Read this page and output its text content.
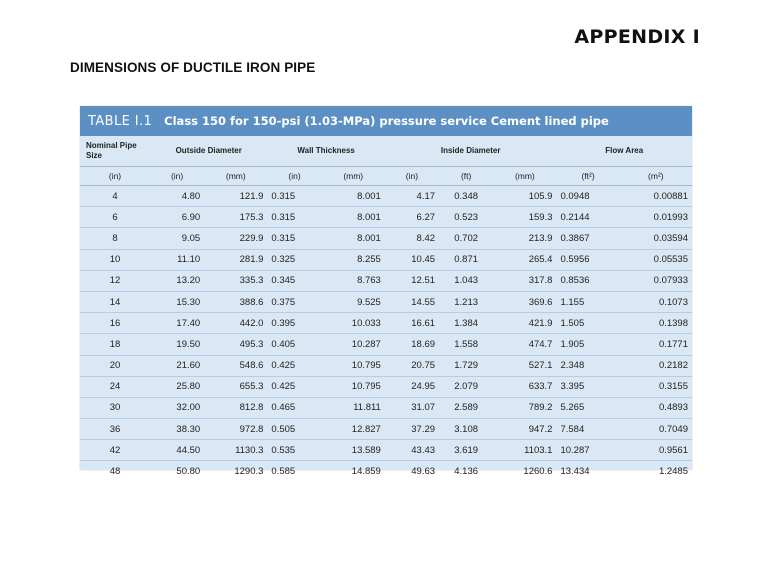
APPENDIX I
DIMENSIONS OF DUCTILE IRON PIPE
TABLE I.1 Class 150 for 150-psi (1.03-MPa) pressure service Cement lined pipe
Nominal Pipe Size	Outside Diameter		Wall Thickness		Inside Diameter			Flow Area	
(in)	(in)	(mm)	(in)	(mm)	(in)	(ft)	(mm)	(ft²)	(m²)
4	4.80	121.9	0.315	8.001	4.17	0.348	105.9	0.0948	0.00881
6	6.90	175.3	0.315	8.001	6.27	0.523	159.3	0.2144	0.01993
8	9.05	229.9	0.315	8.001	8.42	0.702	213.9	0.3867	0.03594
10	11.10	281.9	0.325	8.255	10.45	0.871	265.4	0.5956	0.05535
12	13.20	335.3	0.345	8.763	12.51	1.043	317.8	0.8536	0.07933
14	15.30	388.6	0.375	9.525	14.55	1.213	369.6	1.155	0.1073
16	17.40	442.0	0.395	10.033	16.61	1.384	421.9	1.505	0.1398
18	19.50	495.3	0.405	10.287	18.69	1.558	474.7	1.905	0.1771
20	21.60	548.6	0.425	10.795	20.75	1.729	527.1	2.348	0.2182
24	25.80	655.3	0.425	10.795	24.95	2.079	633.7	3.395	0.3155
30	32.00	812.8	0.465	11.811	31.07	2.589	789.2	5.265	0.4893
36	38.30	972.8	0.505	12.827	37.29	3.108	947.2	7.584	0.7049
42	44.50	1130.3	0.535	13.589	43.43	3.619	1103.1	10.287	0.9561
48	50.80	1290.3	0.585	14.859	49.63	4.136	1260.6	13.434	1.2485
